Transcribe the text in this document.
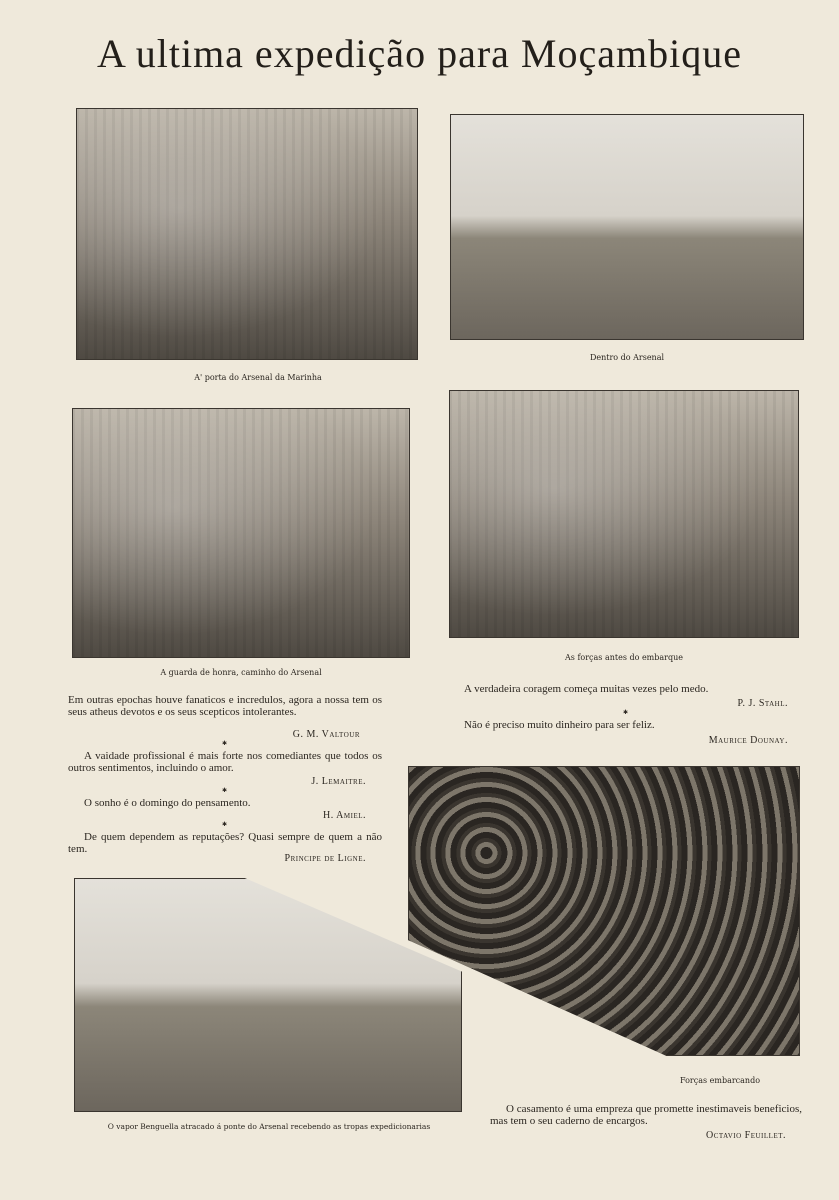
A ultima expedição para Moçambique
A' porta do Arsenal da Marinha
Dentro do Arsenal
A guarda de honra, caminho do Arsenal
As forças antes do embarque
Em outras epochas houve fanaticos e incredulos, agora a nossa tem os seus atheus devotos e os seus scepticos intolerantes.
G. M. Valtour
✱
A vaidade profissional é mais forte nos comediantes que todos os outros sentimentos, incluindo o amor.
J. Lemaitre.
✱
O sonho é o domingo do pensamento.
H. Amiel.
✱
De quem dependem as reputações? Quasi sempre de quem a não tem.
Principe de Ligne.
A verdadeira coragem começa muitas vezes pelo medo.
P. J. Stahl.
✱
Não é preciso muito dinheiro para ser feliz.
Maurice Dounay.
Forças embarcando
O vapor Benguella atracado á ponte do Arsenal recebendo as tropas expedicionarias
O casamento é uma empreza que promette inestimaveis beneficios, mas tem o seu caderno de encargos.
Octavio Feuillet.
